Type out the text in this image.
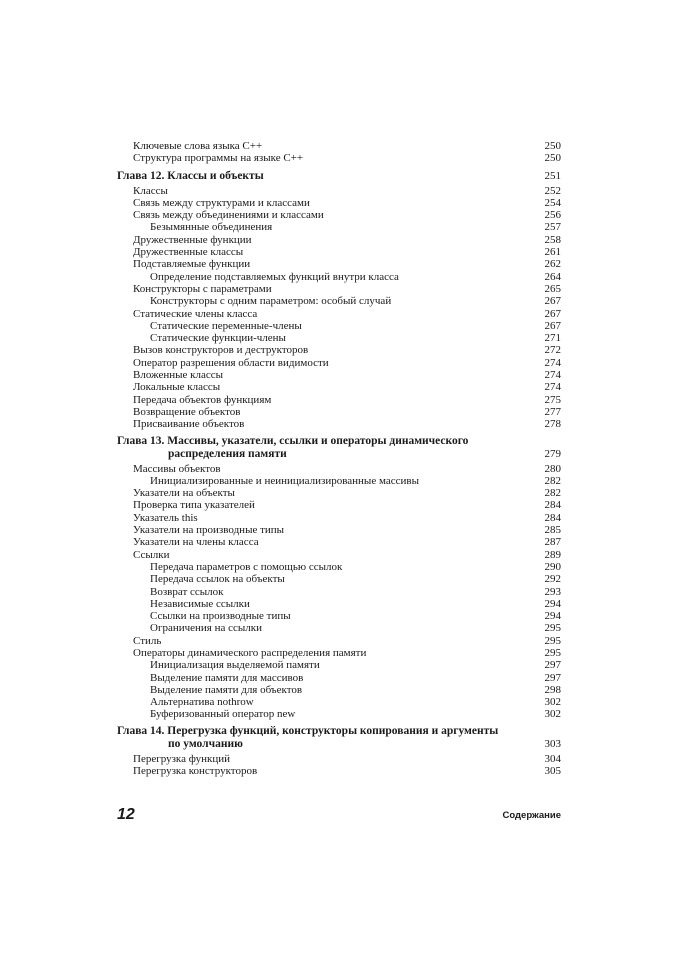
Ключевые слова языка C++	250
Структура программы на языке C++	250
Глава 12. Классы и объекты	251
Классы	252
Связь между структурами и классами	254
Связь между объединениями и классами	256
Безымянные объединения	257
Дружественные функции	258
Дружественные классы	261
Подставляемые функции	262
Определение подставляемых функций внутри класса	264
Конструкторы с параметрами	265
Конструкторы с одним параметром: особый случай	267
Статические члены класса	267
Статические переменные-члены	267
Статические функции-члены	271
Вызов конструкторов и деструкторов	272
Оператор разрешения области видимости	274
Вложенные классы	274
Локальные классы	274
Передача объектов функциям	275
Возвращение объектов	277
Присваивание объектов	278
Глава 13. Массивы, указатели, ссылки и операторы динамического
распределения памяти	279
Массивы объектов	280
Инициализированные и неинициализированные массивы	282
Указатели на объекты	282
Проверка типа указателей	284
Указатель this	284
Указатели на производные типы	285
Указатели на члены класса	287
Ссылки	289
Передача параметров с помощью ссылок	290
Передача ссылок на объекты	292
Возврат ссылок	293
Независимые ссылки	294
Ссылки на производные типы	294
Ограничения на ссылки	295
Стиль	295
Операторы динамического распределения памяти	295
Инициализация выделяемой памяти	297
Выделение памяти для массивов	297
Выделение памяти для объектов	298
Альтернатива nothrow	302
Буферизованный оператор new	302
Глава 14. Перегрузка функций, конструкторы копирования и аргументы
по умолчанию	303
Перегрузка функций	304
Перегрузка конструкторов	305
12	Содержание
